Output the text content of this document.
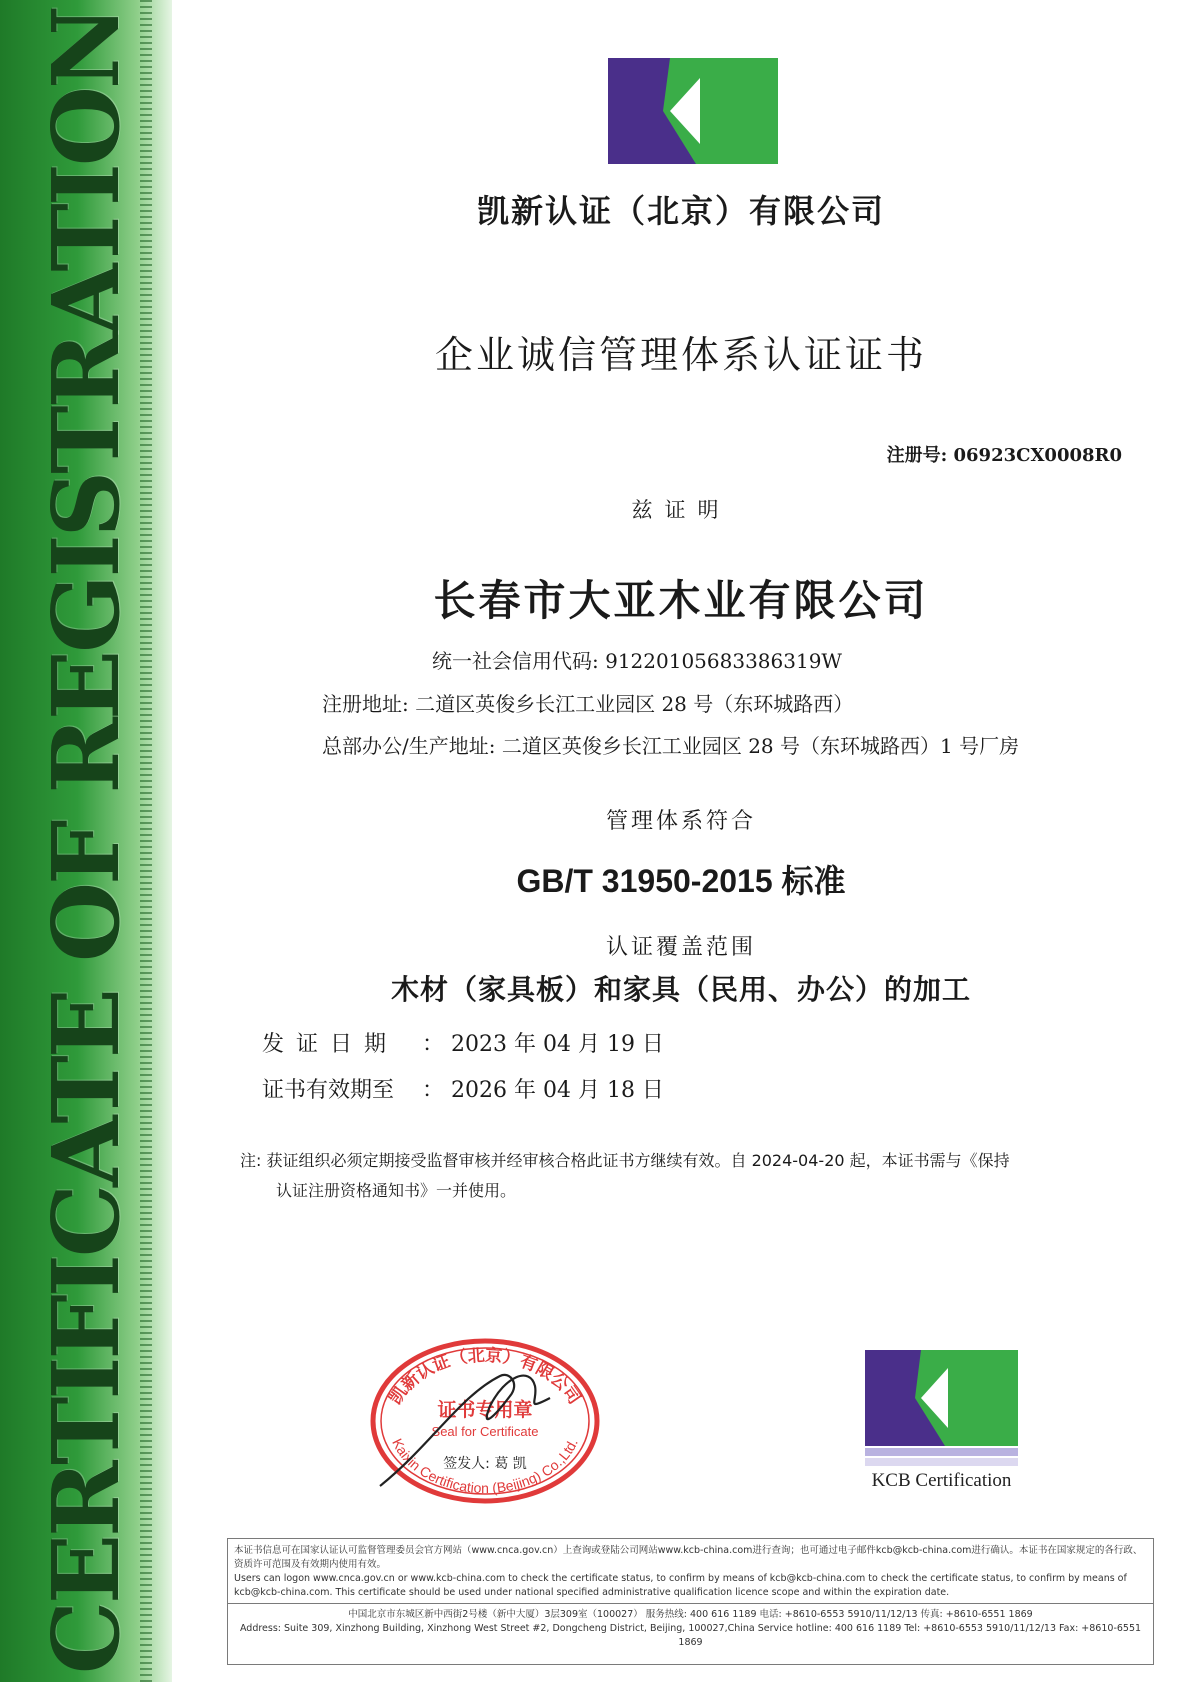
CERTIFICATE OF REGISTRATION	凯新认证（北京）有限公司
企业诚信管理体系认证证书
注册号: 06923CX0008R0
兹证明
长春市大亚木业有限公司
统一社会信用代码: 91220105683386319W
注册地址: 二道区英俊乡长江工业园区 28 号（东环城路西）
总部办公/生产地址: 二道区英俊乡长江工业园区 28 号（东环城路西）1 号厂房
管理体系符合
GB/T 31950-2015 标准
认证覆盖范围
木材（家具板）和家具（民用、办公）的加工
发证日期 ： 2023 年 04 月 19 日
证书有效期至 ： 2026 年 04 月 18 日
注: 获证组织必须定期接受监督审核并经审核合格此证书方继续有效。自 2024-04-20 起，本证书需与《保持
认证注册资格通知书》一并使用。
凯新认证（北京）有限公司
Kaixin Certification (Beijing) Co.,Ltd.
证书专用章
Seal for Certificate
签发人: 葛 凯
KCB Certification
本证书信息可在国家认证认可监督管理委员会官方网站（www.cnca.gov.cn）上查询或登陆公司网站www.kcb-china.com进行查询；也可通过电子邮件kcb@kcb-china.com进行确认。本证书在国家规定的各行政、资质许可范围及有效期内使用有效。
Users can logon www.cnca.gov.cn or www.kcb-china.com to check the certificate status, to confirm by means of kcb@kcb-china.com to check the certificate status, to confirm by means of kcb@kcb-china.com. This certificate should be used under national specified administrative qualification licence scope and within the expiration date.
中国北京市东城区新中西街2号楼（新中大厦）3层309室（100027） 服务热线: 400 616 1189 电话: +8610-6553 5910/11/12/13 传真: +8610-6551 1869
Address: Suite 309, Xinzhong Building, Xinzhong West Street #2, Dongcheng District, Beijing, 100027,China Service hotline: 400 616 1189 Tel: +8610-6553 5910/11/12/13 Fax: +8610-6551 1869
